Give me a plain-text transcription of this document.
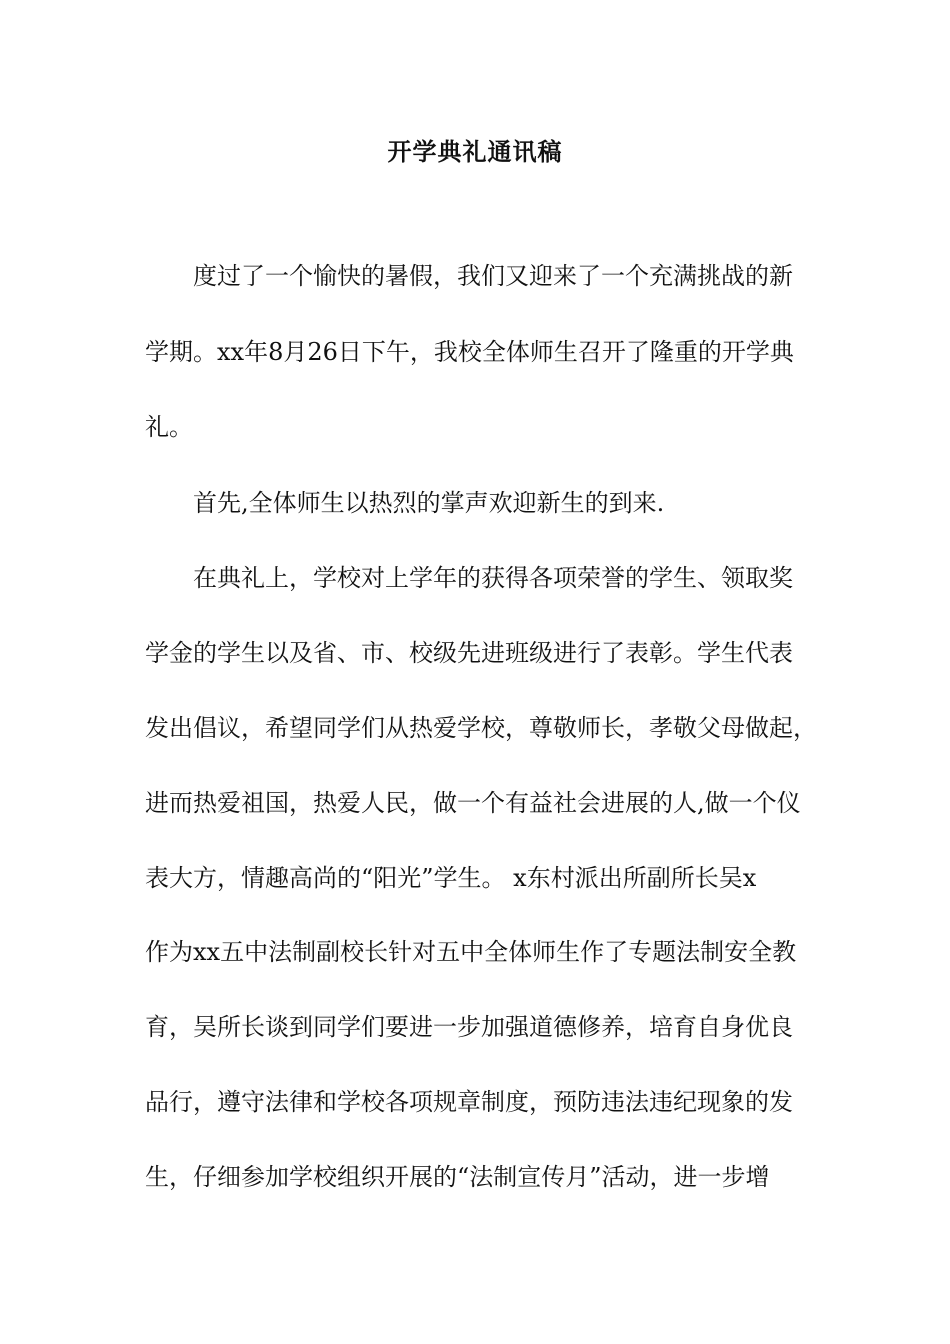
开学典礼通讯稿
度过了一个愉快的暑假，我们又迎来了一个充满挑战的新
学期。xx年8月26日下午，我校全体师生召开了隆重的开学典
礼。
首先,全体师生以热烈的掌声欢迎新生的到来.
在典礼上，学校对上学年的获得各项荣誉的学生、领取奖
学金的学生以及省、市、校级先进班级进行了表彰。学生代表
发出倡议，希望同学们从热爱学校，尊敬师长，孝敬父母做起，
进而热爱祖国，热爱人民，做一个有益社会进展的人,做一个仪
表大方，情趣高尚的“阳光”学生。 x东村派出所副所长吴x
作为xx五中法制副校长针对五中全体师生作了专题法制安全教
育，吴所长谈到同学们要进一步加强道德修养，培育自身优良
品行，遵守法律和学校各项规章制度，预防违法违纪现象的发
生，仔细参加学校组织开展的“法制宣传月”活动，进一步增
